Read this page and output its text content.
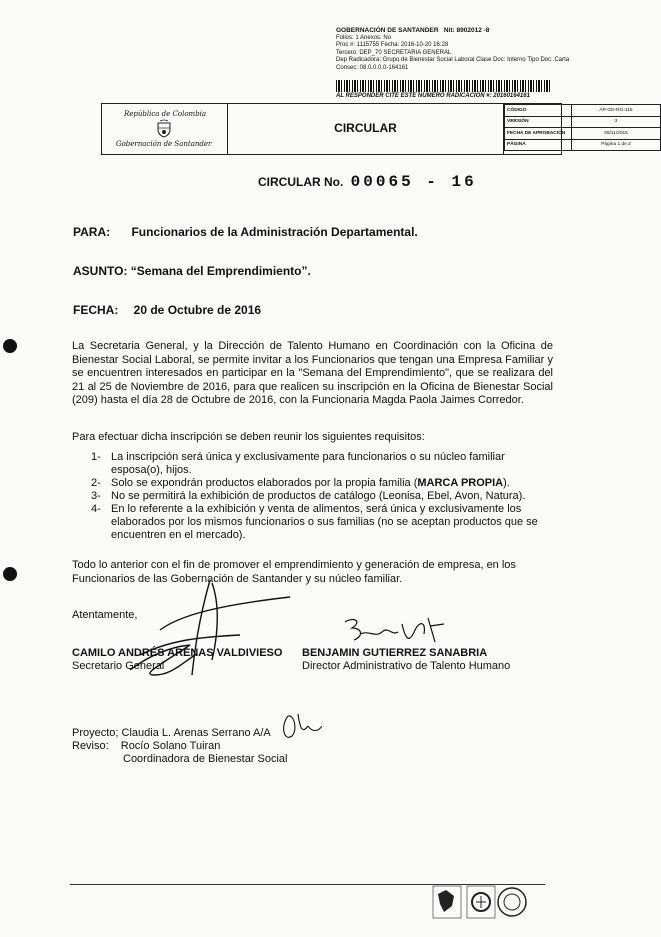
GOBERNACIÓN DE SANTANDER Nit: 8902012 -8
Folios: 1 Anexos: No
Proc #: 1115755 Fecha: 2016-10-20 16:28
Tercero: DEP_70 SECRETARIA GENERAL
Dep Radicadora: Grupo de Bienestar Social Laboral Clase Doc: Interno Tipo Doc: Carta Consec: 08.0.0.0.0-164161
AL RESPONDER CITE ESTE NUMERO RADICACIÓN #: 20160164161
República de Colombia
Gobernación de Santander
CIRCULAR
CÓDIGO	AP-GD-RG-115
VERSIÓN	3
FECHA DE APROBACIÓN	05/11/2015
PÁGINA	Página 1 de 2
CIRCULAR No. 00065 - 16
PARA: Funcionarios de la Administración Departamental.
ASUNTO: “Semana del Emprendimiento”.
FECHA: 20 de Octubre de 2016
La Secretaria General, y la Dirección de Talento Humano en Coordinación con la Oficina de Bienestar Social Laboral, se permite invitar a los Funcionarios que tengan una Empresa Familiar y se encuentren interesados en participar en la "Semana del Emprendimiento", que se realizara del 21 al 25 de Noviembre de 2016, para que realicen su inscripción en la Oficina de Bienestar Social (209) hasta el día 28 de Octubre de 2016, con la Funcionaria Magda Paola Jaimes Corredor.
Para efectuar dicha inscripción se deben reunir los siguientes requisitos:
1- La inscripción será única y exclusivamente para funcionarios o su núcleo familiar esposa(o), hijos.
2- Solo se expondrán productos elaborados por la propia familia (MARCA PROPIA).
3- No se permitirá la exhibición de productos de catálogo (Leonisa, Ebel, Avon, Natura).
4- En lo referente a la exhibición y venta de alimentos, será única y exclusivamente los elaborados por los mismos funcionarios o sus familias (no se aceptan productos que se encuentren en el mercado).
Todo lo anterior con el fin de promover el emprendimiento y generación de empresa, en los Funcionarios de las Gobernación de Santander y su núcleo familiar.
Atentamente,
CAMILO ANDRÉS ARENAS VALDIVIESO
Secretario General
BENJAMIN GUTIERREZ SANABRIA
Director Administrativo de Talento Humano
Proyecto; Claudia L. Arenas Serrano A/A
Reviso: Rocío Solano Tuiran
Coordinadora de Bienestar Social
